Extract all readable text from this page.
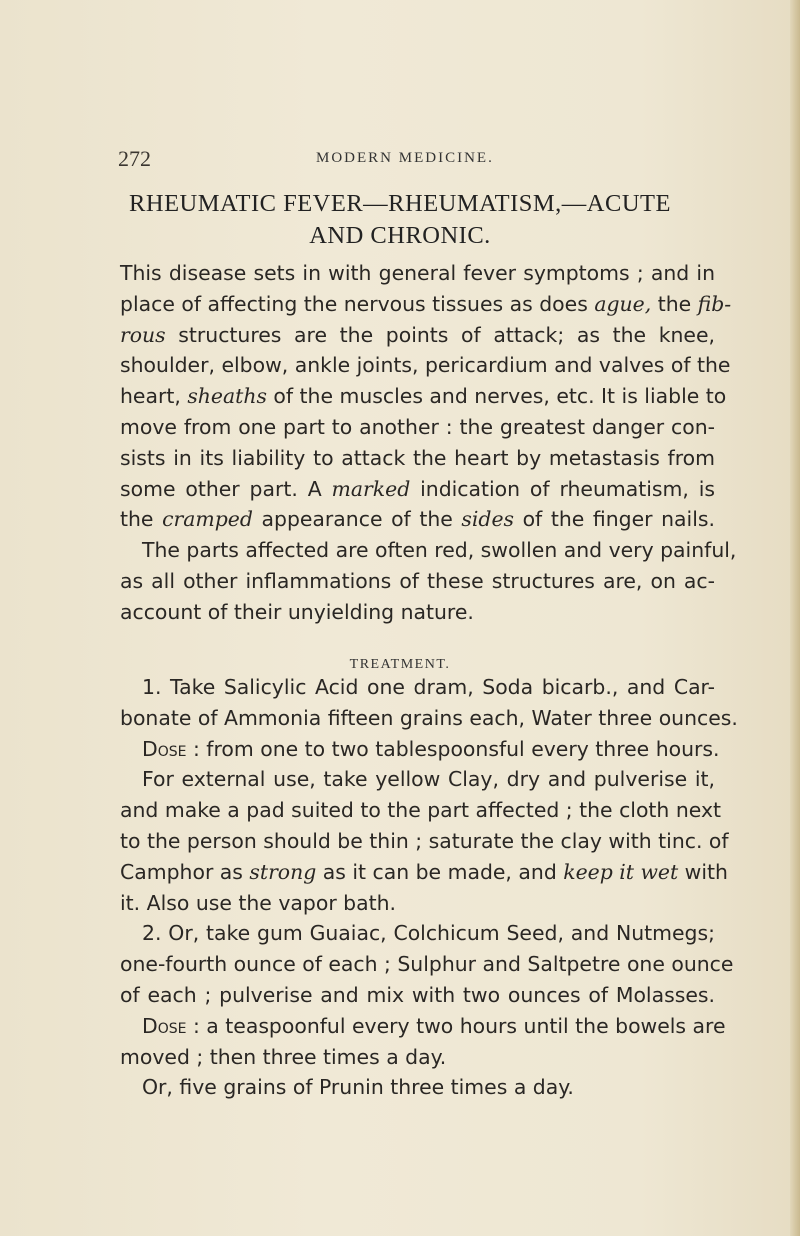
272	MODERN MEDICINE.
RHEUMATIC FEVER—RHEUMATISM,—ACUTE
AND CHRONIC.
This disease sets in with general fever symptoms ; and in
place of affecting the nervous tissues as does ague, the fib-
rous structures are the points of attack; as the knee,
shoulder, elbow, ankle joints, pericardium and valves of the
heart, sheaths of the muscles and nerves, etc. It is liable to
move from one part to another : the greatest danger con-
sists in its liability to attack the heart by metastasis from
some other part. A marked indication of rheumatism, is
the cramped appearance of the sides of the finger nails.
The parts affected are often red, swollen and very painful,
as all other inflammations of these structures are, on ac-
account of their unyielding nature.
TREATMENT.
1. Take Salicylic Acid one dram, Soda bicarb., and Car-
bonate of Ammonia fifteen grains each, Water three ounces.
Dose : from one to two tablespoonsful every three hours.
For external use, take yellow Clay, dry and pulverise it,
and make a pad suited to the part affected ; the cloth next
to the person should be thin ; saturate the clay with tinc. of
Camphor as strong as it can be made, and keep it wet with
it. Also use the vapor bath.
2. Or, take gum Guaiac, Colchicum Seed, and Nutmegs;
one-fourth ounce of each ; Sulphur and Saltpetre one ounce
of each ; pulverise and mix with two ounces of Molasses.
Dose : a teaspoonful every two hours until the bowels are
moved ; then three times a day.
Or, five grains of Prunin three times a day.
